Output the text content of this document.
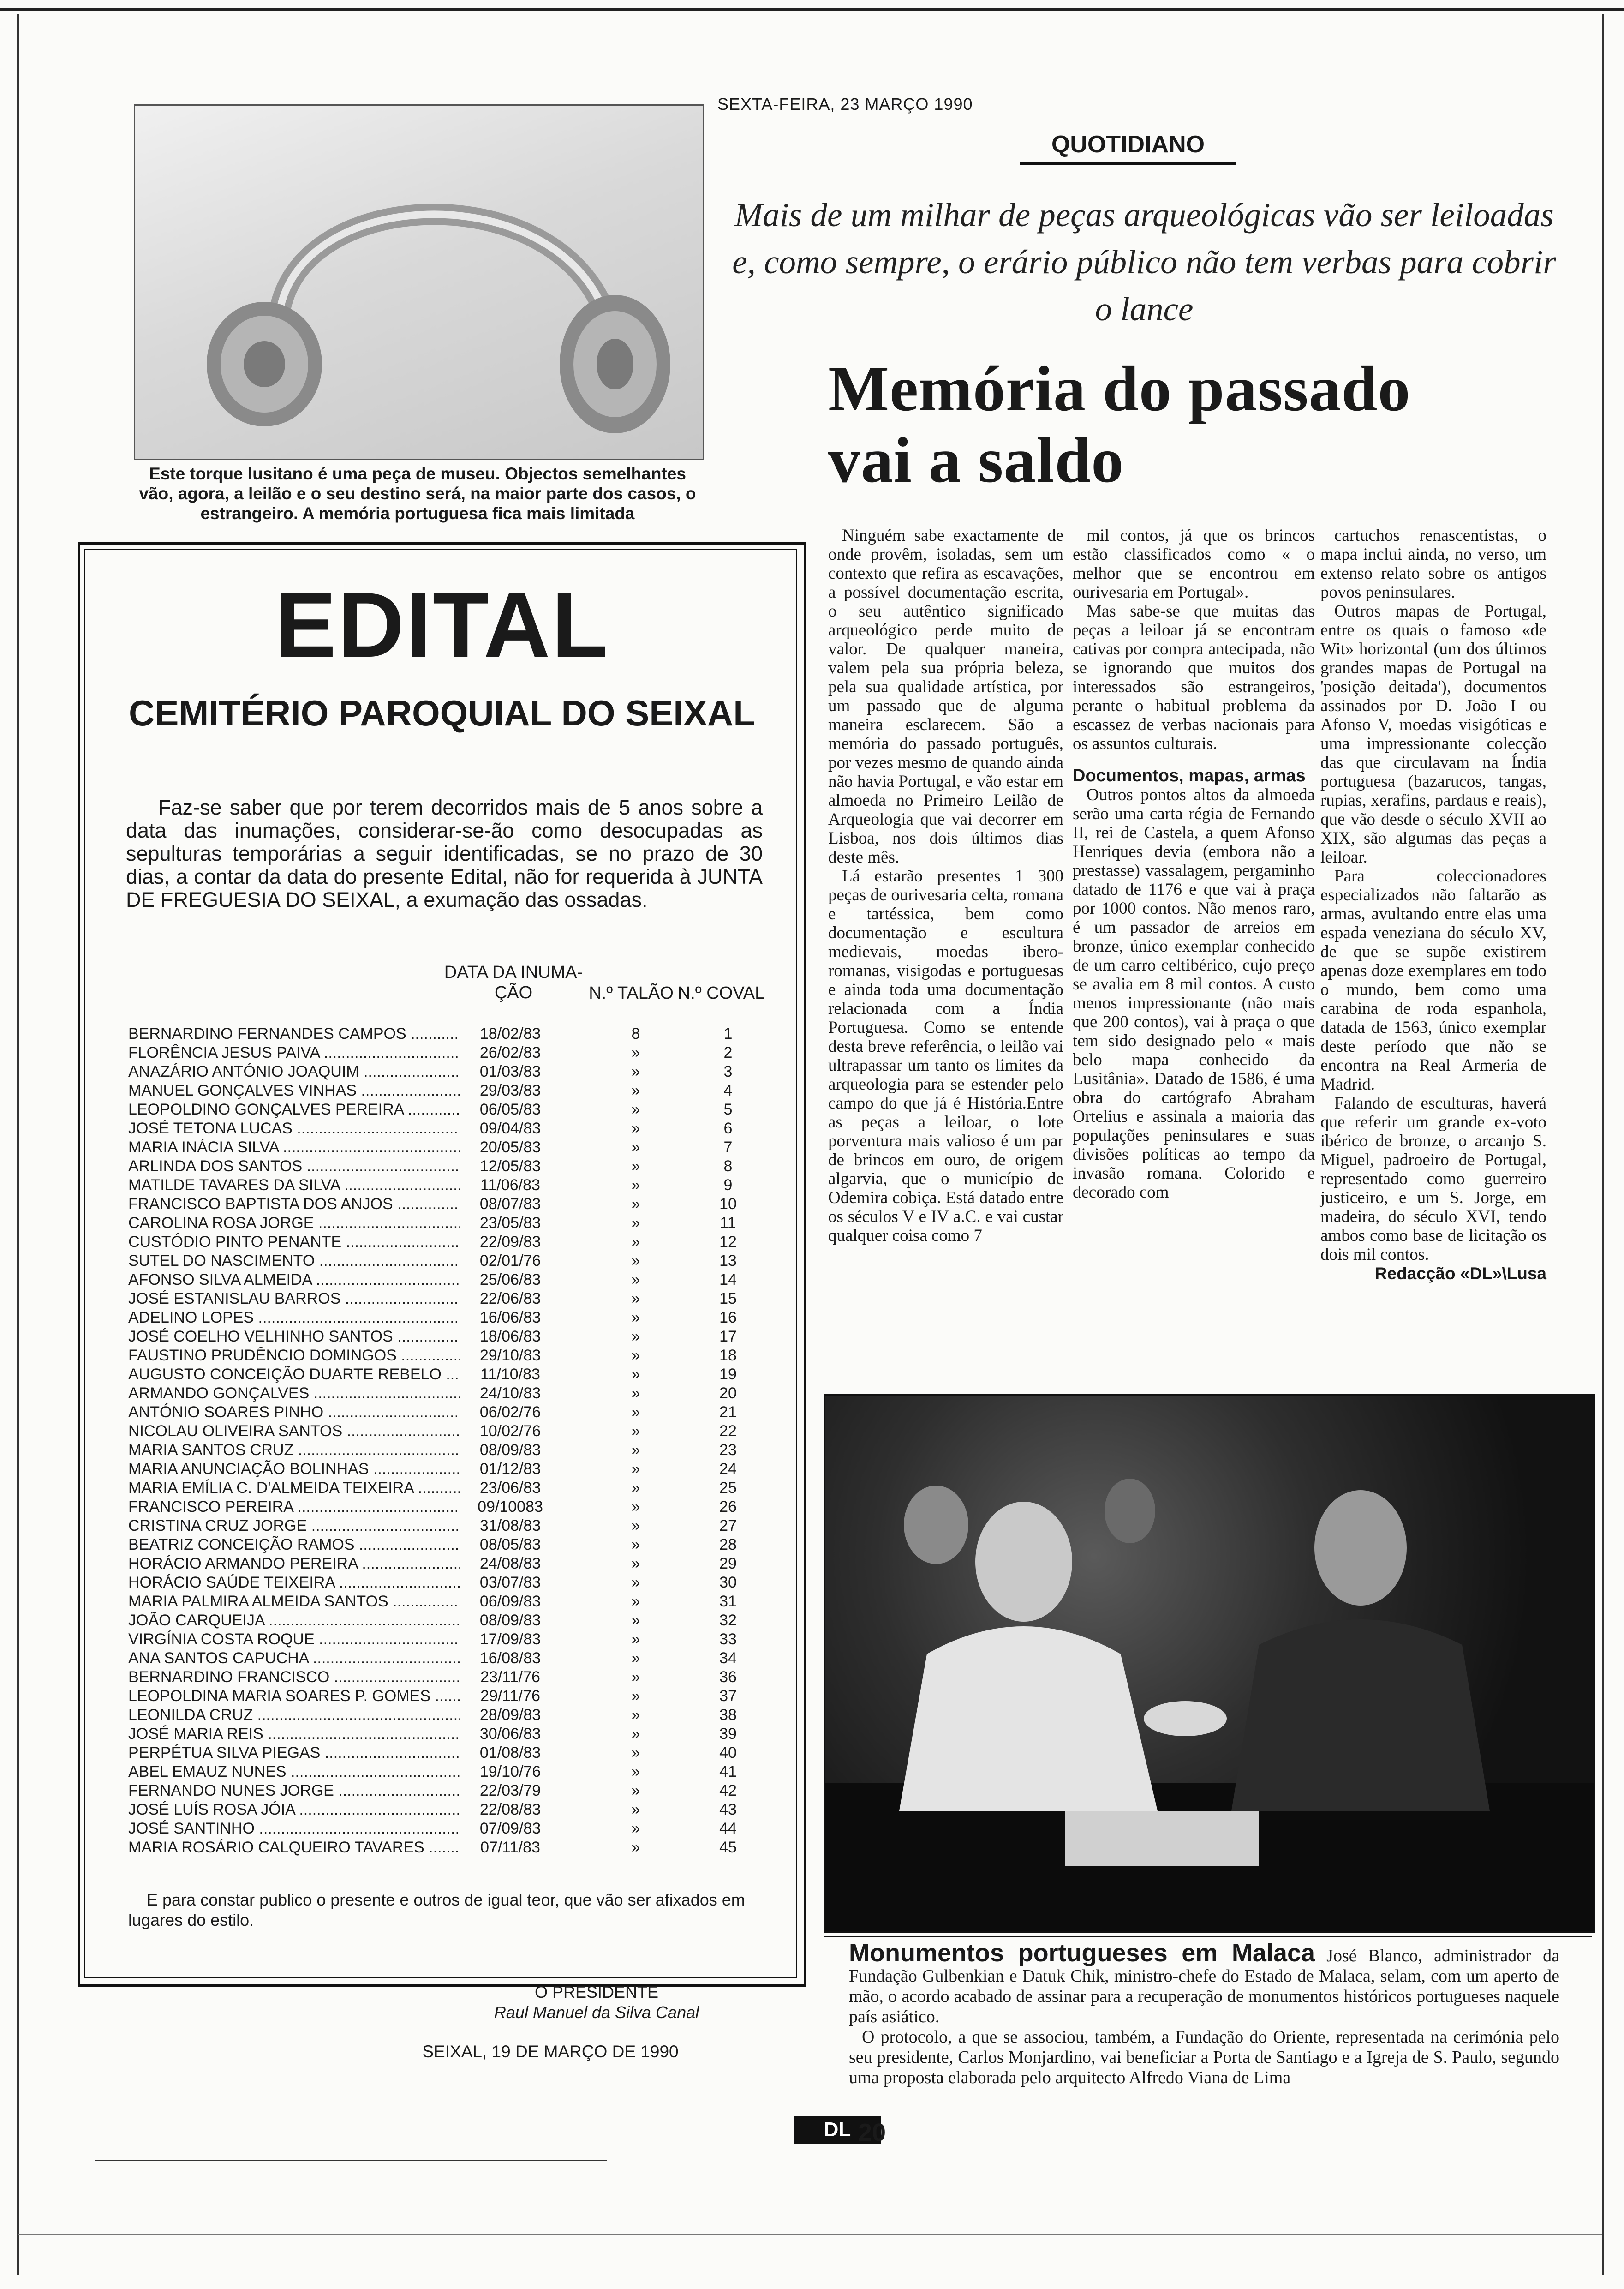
SEXTA-FEIRA, 23 MARÇO 1990
QUOTIDIANO
Este torque lusitano é uma peça de museu. Objectos semelhantes vão, agora, a leilão e o seu destino será, na maior parte dos casos, o estrangeiro. A memória portuguesa fica mais limitada
Mais de um milhar de peças arqueológicas vão ser leiloadas e, como sempre, o erário público não tem verbas para cobrir o lance
Memória do passado
vai a saldo

Ninguém sabe exactamente de onde provêm, isoladas, sem um contexto que refira as escavações, a possível documentação escrita, o seu autêntico significado arqueológico perde muito de valor. De qualquer maneira, valem pela sua própria beleza, pela sua qualidade artística, por um passado que de alguma maneira esclarecem. São a memória do passado português, por vezes mesmo de quando ainda não havia Portugal, e vão estar em almoeda no Primeiro Leilão de Arqueologia que vai decorrer em Lisboa, nos dois últimos dias deste mês.

Lá estarão presentes 1 300 peças de ourivesaria celta, romana e tartéssica, bem como documentação e escultura medievais, moedas ibero-romanas, visigodas e portuguesas e ainda toda uma documentação relacionada com a Índia Portuguesa. Como se entende desta breve referência, o leilão vai ultrapassar um tanto os limites da arqueologia para se estender pelo campo do que já é História.Entre as peças a leiloar, o lote porventura mais valioso é um par de brincos em ouro, de origem algarvia, que o município de Odemira cobiça. Está datado entre os séculos V e IV a.C. e vai custar qualquer coisa como 7

mil contos, já que os brincos estão classificados como « o melhor que se encontrou em ourivesaria em Portugal».

Mas sabe-se que muitas das peças a leiloar já se encontram cativas por compra antecipada, não se ignorando que muitos dos interessados são estrangeiros, perante o habitual problema da escassez de verbas nacionais para os assuntos culturais.

Documentos, mapas, armas

Outros pontos altos da almoeda serão uma carta régia de Fernando II, rei de Castela, a quem Afonso Henriques devia (embora não a prestasse) vassalagem, pergaminho datado de 1176 e que vai à praça por 1000 contos. Não menos raro, é um passador de arreios em bronze, único exemplar conhecido de um carro celtibérico, cujo preço se avalia em 8 mil contos. A custo menos impressionante (não mais que 200 contos), vai à praça o que tem sido designado pelo « mais belo mapa conhecido da Lusitânia». Datado de 1586, é uma obra do cartógrafo Abraham Ortelius e assinala a maioria das populações peninsulares e suas divisões políticas ao tempo da invasão romana. Colorido e decorado com

cartuchos renascentistas, o mapa inclui ainda, no verso, um extenso relato sobre os antigos povos peninsulares.

Outros mapas de Portugal, entre os quais o famoso «de Wit» horizontal (um dos últimos grandes mapas de Portugal na 'posição deitada'), documentos assinados por D. João I ou Afonso V, moedas visigóticas e uma impressionante colecção das que circulavam na Índia portuguesa (bazarucos, tangas, rupias, xerafins, pardaus e reais), que vão desde o século XVII ao XIX, são algumas das peças a leiloar.

Para coleccionadores especializados não faltarão as armas, avultando entre elas uma espada veneziana do século XV, de que se supõe existirem apenas doze exemplares em todo o mundo, bem como uma carabina de roda espanhola, datada de 1563, único exemplar deste período que não se encontra na Real Armeria de Madrid.

Falando de esculturas, haverá que referir um grande ex-voto ibérico de bronze, o arcanjo S. Miguel, padroeiro de Portugal, representado como guerreiro justiceiro, e um S. Jorge, em madeira, do século XVI, tendo ambos como base de licitação os dois mil contos.

Redacção «DL»\Lusa
EDITAL
CEMITÉRIO PAROQUIAL DO SEIXAL
Faz-se saber que por terem decorridos mais de 5 anos sobre a data das inumações, considerar-se-ão como desocupadas as sepulturas temporárias a seguir identificadas, se no prazo de 30 dias, a contar da data do presente Edital, não for requerida à JUNTA DE FREGUESIA DO SEIXAL, a exumação das ossadas.
DATA DA INUMA-
ÇÃO	N.º TALÃO N.º COVAL
BERNARDINO FERNANDES CAMPOS .....	18/02/83	8	1
FLORÊNCIA JESUS PAIVA .....	26/02/83	»	2
ANAZÁRIO ANTÓNIO JOAQUIM .....	01/03/83	»	3
MANUEL GONÇALVES VINHAS .....	29/03/83	»	4
LEOPOLDINO GONÇALVES PEREIRA .....	06/05/83	»	5
JOSÉ TETONA LUCAS .....	09/04/83	»	6
MARIA INÁCIA SILVA .....	20/05/83	»	7
ARLINDA DOS SANTOS .....	12/05/83	»	8
MATILDE TAVARES DA SILVA .....	11/06/83	»	9
FRANCISCO BAPTISTA DOS ANJOS .....	08/07/83	»	10
CAROLINA ROSA JORGE .....	23/05/83	»	11
CUSTÓDIO PINTO PENANTE .....	22/09/83	»	12
SUTEL DO NASCIMENTO .....	02/01/76	»	13
AFONSO SILVA ALMEIDA .....	25/06/83	»	14
JOSÉ ESTANISLAU BARROS .....	22/06/83	»	15
ADELINO LOPES .....	16/06/83	»	16
JOSÉ COELHO VELHINHO SANTOS .....	18/06/83	»	17
FAUSTINO PRUDÊNCIO DOMINGOS .....	29/10/83	»	18
AUGUSTO CONCEIÇÃO DUARTE REBELO .....	11/10/83	»	19
ARMANDO GONÇALVES .....	24/10/83	»	20
ANTÓNIO SOARES PINHO .....	06/02/76	»	21
NICOLAU OLIVEIRA SANTOS .....	10/02/76	»	22
MARIA SANTOS CRUZ .....	08/09/83	»	23
MARIA ANUNCIAÇÃO BOLINHAS .....	01/12/83	»	24
MARIA EMÍLIA C. D'ALMEIDA TEIXEIRA .....	23/06/83	»	25
FRANCISCO PEREIRA .....	09/10083	»	26
CRISTINA CRUZ JORGE .....	31/08/83	»	27
BEATRIZ CONCEIÇÃO RAMOS .....	08/05/83	»	28
HORÁCIO ARMANDO PEREIRA .....	24/08/83	»	29
HORÁCIO SAÚDE TEIXEIRA .....	03/07/83	»	30
MARIA PALMIRA ALMEIDA SANTOS .....	06/09/83	»	31
JOÃO CARQUEIJA .....	08/09/83	»	32
VIRGÍNIA COSTA ROQUE .....	17/09/83	»	33
ANA SANTOS CAPUCHA .....	16/08/83	»	34
BERNARDINO FRANCISCO .....	23/11/76	»	36
LEOPOLDINA MARIA SOARES P. GOMES .....	29/11/76	»	37
LEONILDA CRUZ .....	28/09/83	»	38
JOSÉ MARIA REIS .....	30/06/83	»	39
PERPÉTUA SILVA PIEGAS .....	01/08/83	»	40
ABEL EMAUZ NUNES .....	19/10/76	»	41
FERNANDO NUNES JORGE .....	22/03/79	»	42
JOSÉ LUÍS ROSA JÓIA .....	22/08/83	»	43
JOSÉ SANTINHO .....	07/09/83	»	44
MARIA ROSÁRIO CALQUEIRO TAVARES .....	07/11/83	»	45
E para constar publico o presente e outros de igual teor, que vão ser afixados em lugares do estilo.
O PRESIDENTE
Raul Manuel da Silva Canal
SEIXAL, 19 DE MARÇO DE 1990

Monumentos portugueses em Malaca José Blanco, administrador da Fundação Gulbenkian e Datuk Chik, ministro-chefe do Estado de Malaca, selam, com um aperto de mão, o acordo acabado de assinar para a recuperação de monumentos históricos portugueses naquele país asiático.

O protocolo, a que se associou, também, a Fundação do Oriente, representada na cerimónia pelo seu presidente, Carlos Monjardino, vai beneficiar a Porta de Santiago e a Igreja de S. Paulo, segundo uma proposta elaborada pelo arquitecto Alfredo Viana de Lima

DL 20
